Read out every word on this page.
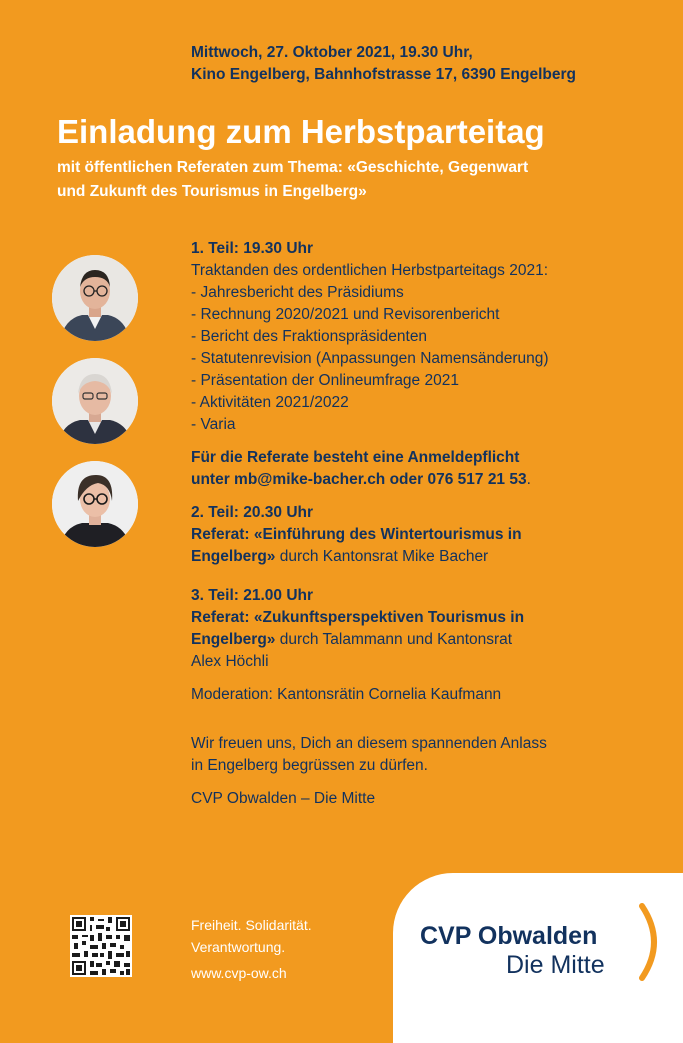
Mittwoch, 27. Oktober 2021, 19.30 Uhr,
Kino Engelberg, Bahnhofstrasse 17, 6390 Engelberg
Einladung zum Herbstparteitag
mit öffentlichen Referaten zum Thema: «Geschichte, Gegenwart
und Zukunft des Tourismus in Engelberg»

1. Teil: 19.30 Uhr

Traktanden des ordentlichen Herbstparteitags 2021:

- Jahresbericht des Präsidiums

- Rechnung 2020/2021 und Revisorenbericht

- Bericht des Fraktionspräsidenten

- Statutenrevision (Anpassungen Namensänderung)

- Präsentation der Onlineumfrage 2021

- Aktivitäten 2021/2022

- Varia

Für die Referate besteht eine Anmeldepflicht

unter mb@mike-bacher.ch oder 076 517 21 53.

2. Teil: 20.30 Uhr

Referat: «Einführung des Wintertourismus in

Engelberg» durch Kantonsrat Mike Bacher

3. Teil: 21.00 Uhr

Referat: «Zukunftsperspektiven Tourismus in

Engelberg» durch Talammann und Kantonsrat

Alex Höchli

Moderation: Kantonsrätin Cornelia Kaufmann

Wir freuen uns, Dich an diesem spannenden Anlass

in Engelberg begrüssen zu dürfen.

CVP Obwalden – Die Mitte

Freiheit. Solidarität.
Verantwortung.
www.cvp-ow.ch
CVP Obwalden
Die Mitte
